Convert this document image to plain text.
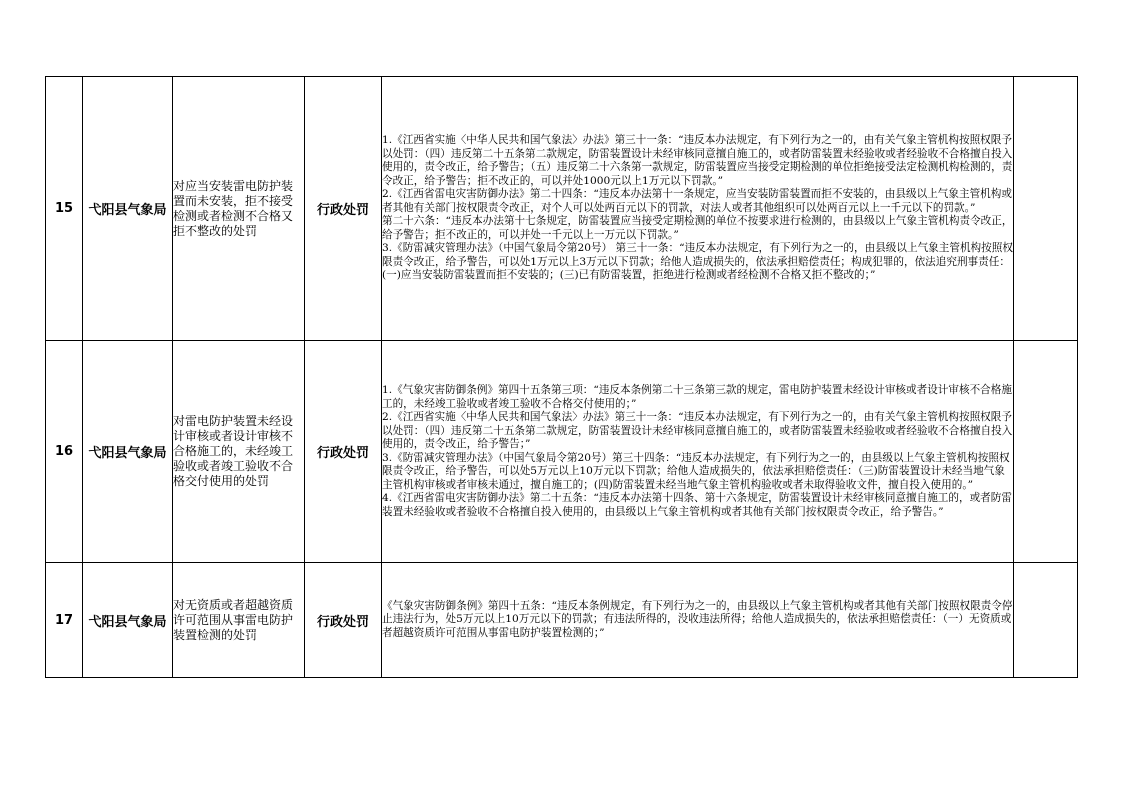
15	弋阳县气象局	对应当安装雷电防护装置而未安装，拒不接受检测或者检测不合格又拒不整改的处罚	行政处罚	1.《江西省实施〈中华人民共和国气象法〉办法》第三十一条：“违反本办法规定，有下列行为之一的，由有关气象主管机构按照权限予以处罚：（四）违反第二十五条第二款规定，防雷装置设计未经审核同意擅自施工的，或者防雷装置未经验收或者经验收不合格擅自投入使用的，责令改正，给予警告；（五）违反第二十六条第一款规定，防雷装置应当接受定期检测的单位拒绝接受法定检测机构检测的，责令改正，给予警告；拒不改正的，可以并处1000元以上1万元以下罚款。”
2.《江西省雷电灾害防御办法》第二十四条：“违反本办法第十一条规定，应当安装防雷装置而拒不安装的，由县级以上气象主管机构或者其他有关部门按权限责令改正，对个人可以处两百元以下的罚款，对法人或者其他组织可以处两百元以上一千元以下的罚款。”
第二十六条：“违反本办法第十七条规定，防雷装置应当接受定期检测的单位不按要求进行检测的，由县级以上气象主管机构责令改正，给予警告；拒不改正的，可以并处一千元以上一万元以下罚款。”
3.《防雷减灾管理办法》（中国气象局令第20号） 第三十一条：“违反本办法规定，有下列行为之一的，由县级以上气象主管机构按照权限责令改正，给予警告，可以处1万元以上3万元以下罚款；给他人造成损失的，依法承担赔偿责任；构成犯罪的，依法追究刑事责任：(一)应当安装防雷装置而拒不安装的；(三)已有防雷装置，拒绝进行检测或者经检测不合格又拒不整改的；”	

16	弋阳县气象局	对雷电防护装置未经设计审核或者设计审核不合格施工的，未经竣工验收或者竣工验收不合格交付使用的处罚	行政处罚	1.《气象灾害防御条例》第四十五条第三项：“违反本条例第二十三条第三款的规定，雷电防护装置未经设计审核或者设计审核不合格施工的，未经竣工验收或者竣工验收不合格交付使用的；”
2.《江西省实施〈中华人民共和国气象法〉办法》第三十一条：“违反本办法规定，有下列行为之一的，由有关气象主管机构按照权限予以处罚：（四）违反第二十五条第二款规定，防雷装置设计未经审核同意擅自施工的，或者防雷装置未经验收或者经验收不合格擅自投入使用的，责令改正，给予警告；”
3.《防雷减灾管理办法》（中国气象局令第20号）第三十四条：“违反本办法规定，有下列行为之一的，由县级以上气象主管机构按照权限责令改正，给予警告，可以处5万元以上10万元以下罚款；给他人造成损失的，依法承担赔偿责任：（三)防雷装置设计未经当地气象主管机构审核或者审核未通过，擅自施工的；(四)防雷装置未经当地气象主管机构验收或者未取得验收文件，擅自投入使用的。”
4.《江西省雷电灾害防御办法》第二十五条：“违反本办法第十四条、第十六条规定，防雷装置设计未经审核同意擅自施工的，或者防雷装置未经验收或者验收不合格擅自投入使用的，由县级以上气象主管机构或者其他有关部门按权限责令改正，给予警告。”	

17	弋阳县气象局	对无资质或者超越资质许可范围从事雷电防护装置检测的处罚	行政处罚	《气象灾害防御条例》第四十五条：“违反本条例规定，有下列行为之一的，由县级以上气象主管机构或者其他有关部门按照权限责令停止违法行为，处5万元以上10万元以下的罚款；有违法所得的，没收违法所得；给他人造成损失的，依法承担赔偿责任：（一）无资质或者超越资质许可范围从事雷电防护装置检测的；”	
